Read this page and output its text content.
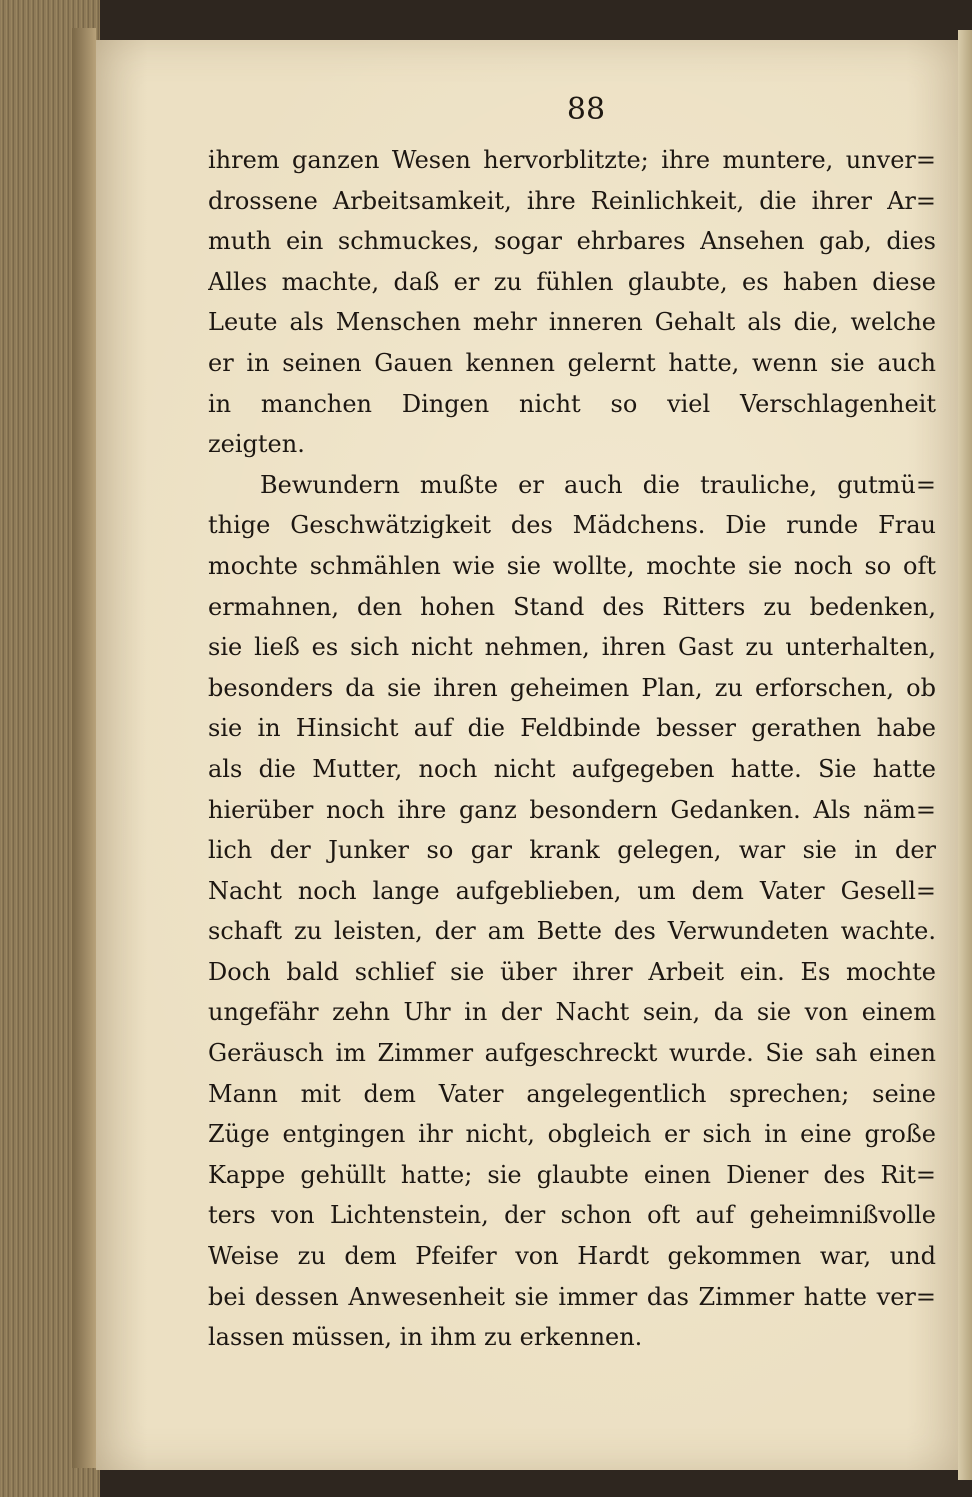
88
ihrem ganzen Wesen hervorblitzte; ihre muntere, unver=
drossene Arbeitsamkeit, ihre Reinlichkeit, die ihrer Ar=
muth ein schmuckes, sogar ehrbares Ansehen gab, dies
Alles machte, daß er zu fühlen glaubte, es haben diese
Leute als Menschen mehr inneren Gehalt als die, welche
er in seinen Gauen kennen gelernt hatte, wenn sie auch
in manchen Dingen nicht so viel Verschlagenheit
zeigten.
Bewundern mußte er auch die trauliche, gutmü=
thige Geschwätzigkeit des Mädchens. Die runde Frau
mochte schmählen wie sie wollte, mochte sie noch so oft
ermahnen, den hohen Stand des Ritters zu bedenken,
sie ließ es sich nicht nehmen, ihren Gast zu unterhalten,
besonders da sie ihren geheimen Plan, zu erforschen, ob
sie in Hinsicht auf die Feldbinde besser gerathen habe
als die Mutter, noch nicht aufgegeben hatte. Sie hatte
hierüber noch ihre ganz besondern Gedanken. Als näm=
lich der Junker so gar krank gelegen, war sie in der
Nacht noch lange aufgeblieben, um dem Vater Gesell=
schaft zu leisten, der am Bette des Verwundeten wachte.
Doch bald schlief sie über ihrer Arbeit ein. Es mochte
ungefähr zehn Uhr in der Nacht sein, da sie von einem
Geräusch im Zimmer aufgeschreckt wurde. Sie sah einen
Mann mit dem Vater angelegentlich sprechen; seine
Züge entgingen ihr nicht, obgleich er sich in eine große
Kappe gehüllt hatte; sie glaubte einen Diener des Rit=
ters von Lichtenstein, der schon oft auf geheimnißvolle
Weise zu dem Pfeifer von Hardt gekommen war, und
bei dessen Anwesenheit sie immer das Zimmer hatte ver=
lassen müssen, in ihm zu erkennen.
